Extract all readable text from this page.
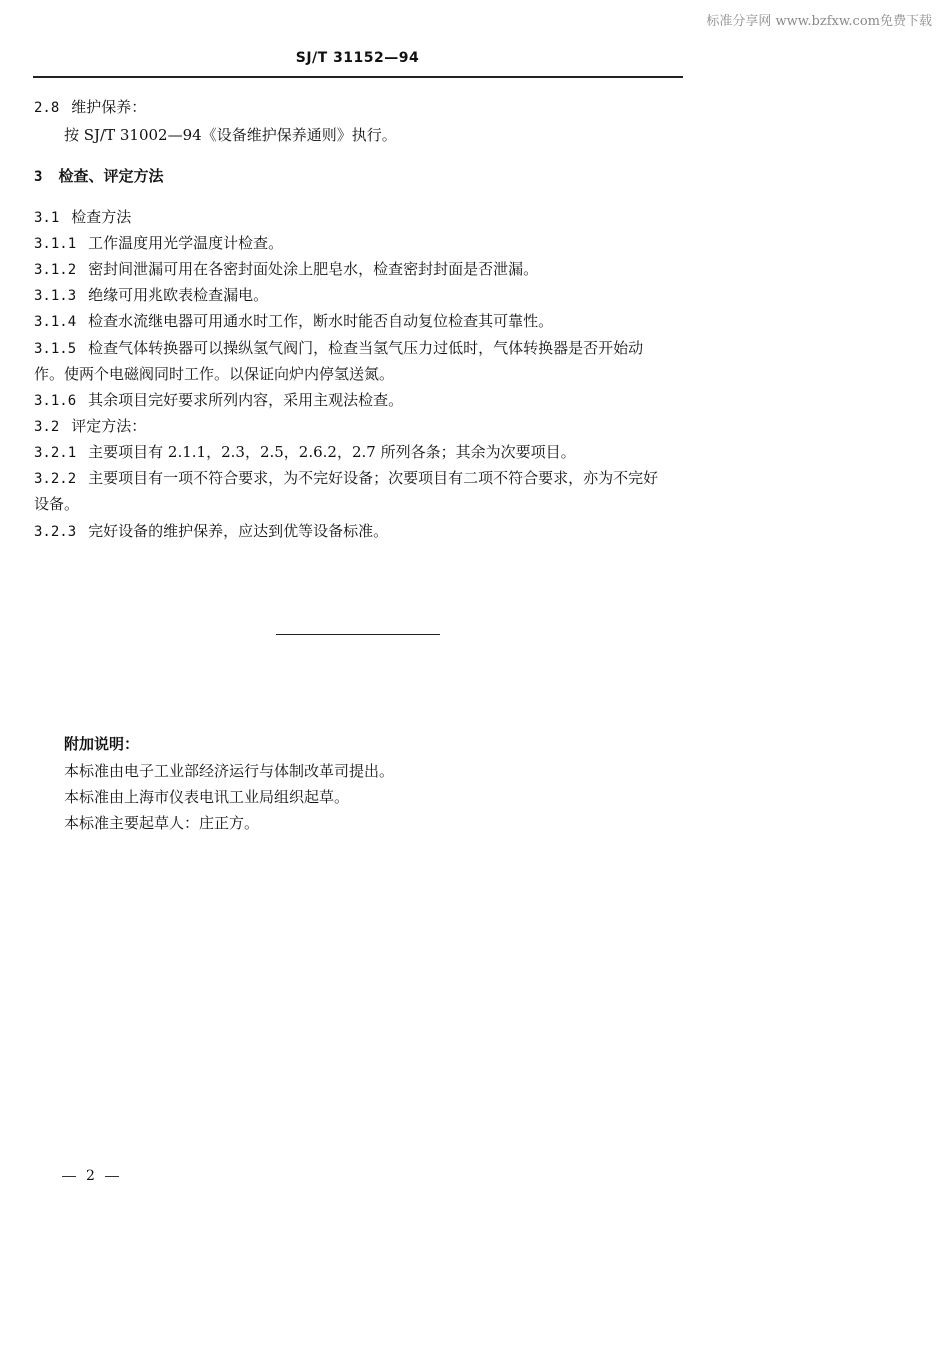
标准分享网 www.bzfxw.com免费下载
SJ/T 31152—94
2.8 维护保养：
按 SJ/T 31002—94《设备维护保养通则》执行。
3 检查、评定方法
3.1 检查方法
3.1.1 工作温度用光学温度计检查。
3.1.2 密封间泄漏可用在各密封面处涂上肥皂水，检查密封封面是否泄漏。
3.1.3 绝缘可用兆欧表检查漏电。
3.1.4 检查水流继电器可用通水时工作，断水时能否自动复位检查其可靠性。
3.1.5 检查气体转换器可以操纵氢气阀门，检查当氢气压力过低时，气体转换器是否开始动
作。使两个电磁阀同时工作。以保证向炉内停氢送氮。
3.1.6 其余项目完好要求所列内容，采用主观法检查。
3.2 评定方法：
3.2.1 主要项目有 2.1.1，2.3，2.5，2.6.2，2.7 所列各条；其余为次要项目。
3.2.2 主要项目有一项不符合要求，为不完好设备；次要项目有二项不符合要求，亦为不完好
设备。
3.2.3 完好设备的维护保养，应达到优等设备标准。
附加说明：
本标准由电子工业部经济运行与体制改革司提出。
本标准由上海市仪表电讯工业局组织起草。
本标准主要起草人：庄正方。
2
